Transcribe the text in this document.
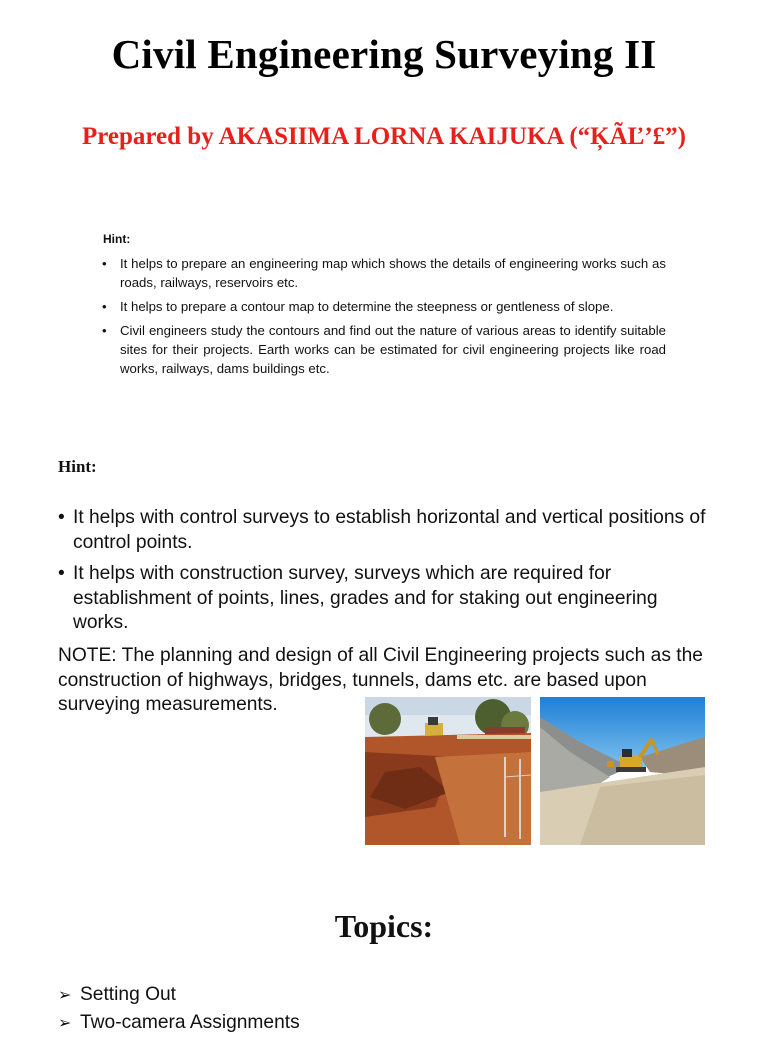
Civil Engineering Surveying II
Prepared by AKASIIMA LORNA KAIJUKA (“ĶÃĽ’£”)
Hint:
• It helps to prepare an engineering map which shows the details of engineering works such as roads, railways, reservoirs etc.
• It helps to prepare a contour map to determine the steepness or gentleness of slope.
• Civil engineers study the contours and find out the nature of various areas to identify suitable sites for their projects. Earth works can be estimated for civil engineering projects like road works, railways, dams buildings etc.
Hint:
• It helps with control surveys to establish horizontal and vertical positions of control points.
• It helps with construction survey, surveys which are required for establishment of points, lines, grades and for staking out engineering works.

NOTE: The planning and design of all Civil Engineering projects such as the construction of highways, bridges, tunnels, dams etc. are based upon surveying measurements.

Topics:
➢ Setting Out
➢ Two-camera Assignments
